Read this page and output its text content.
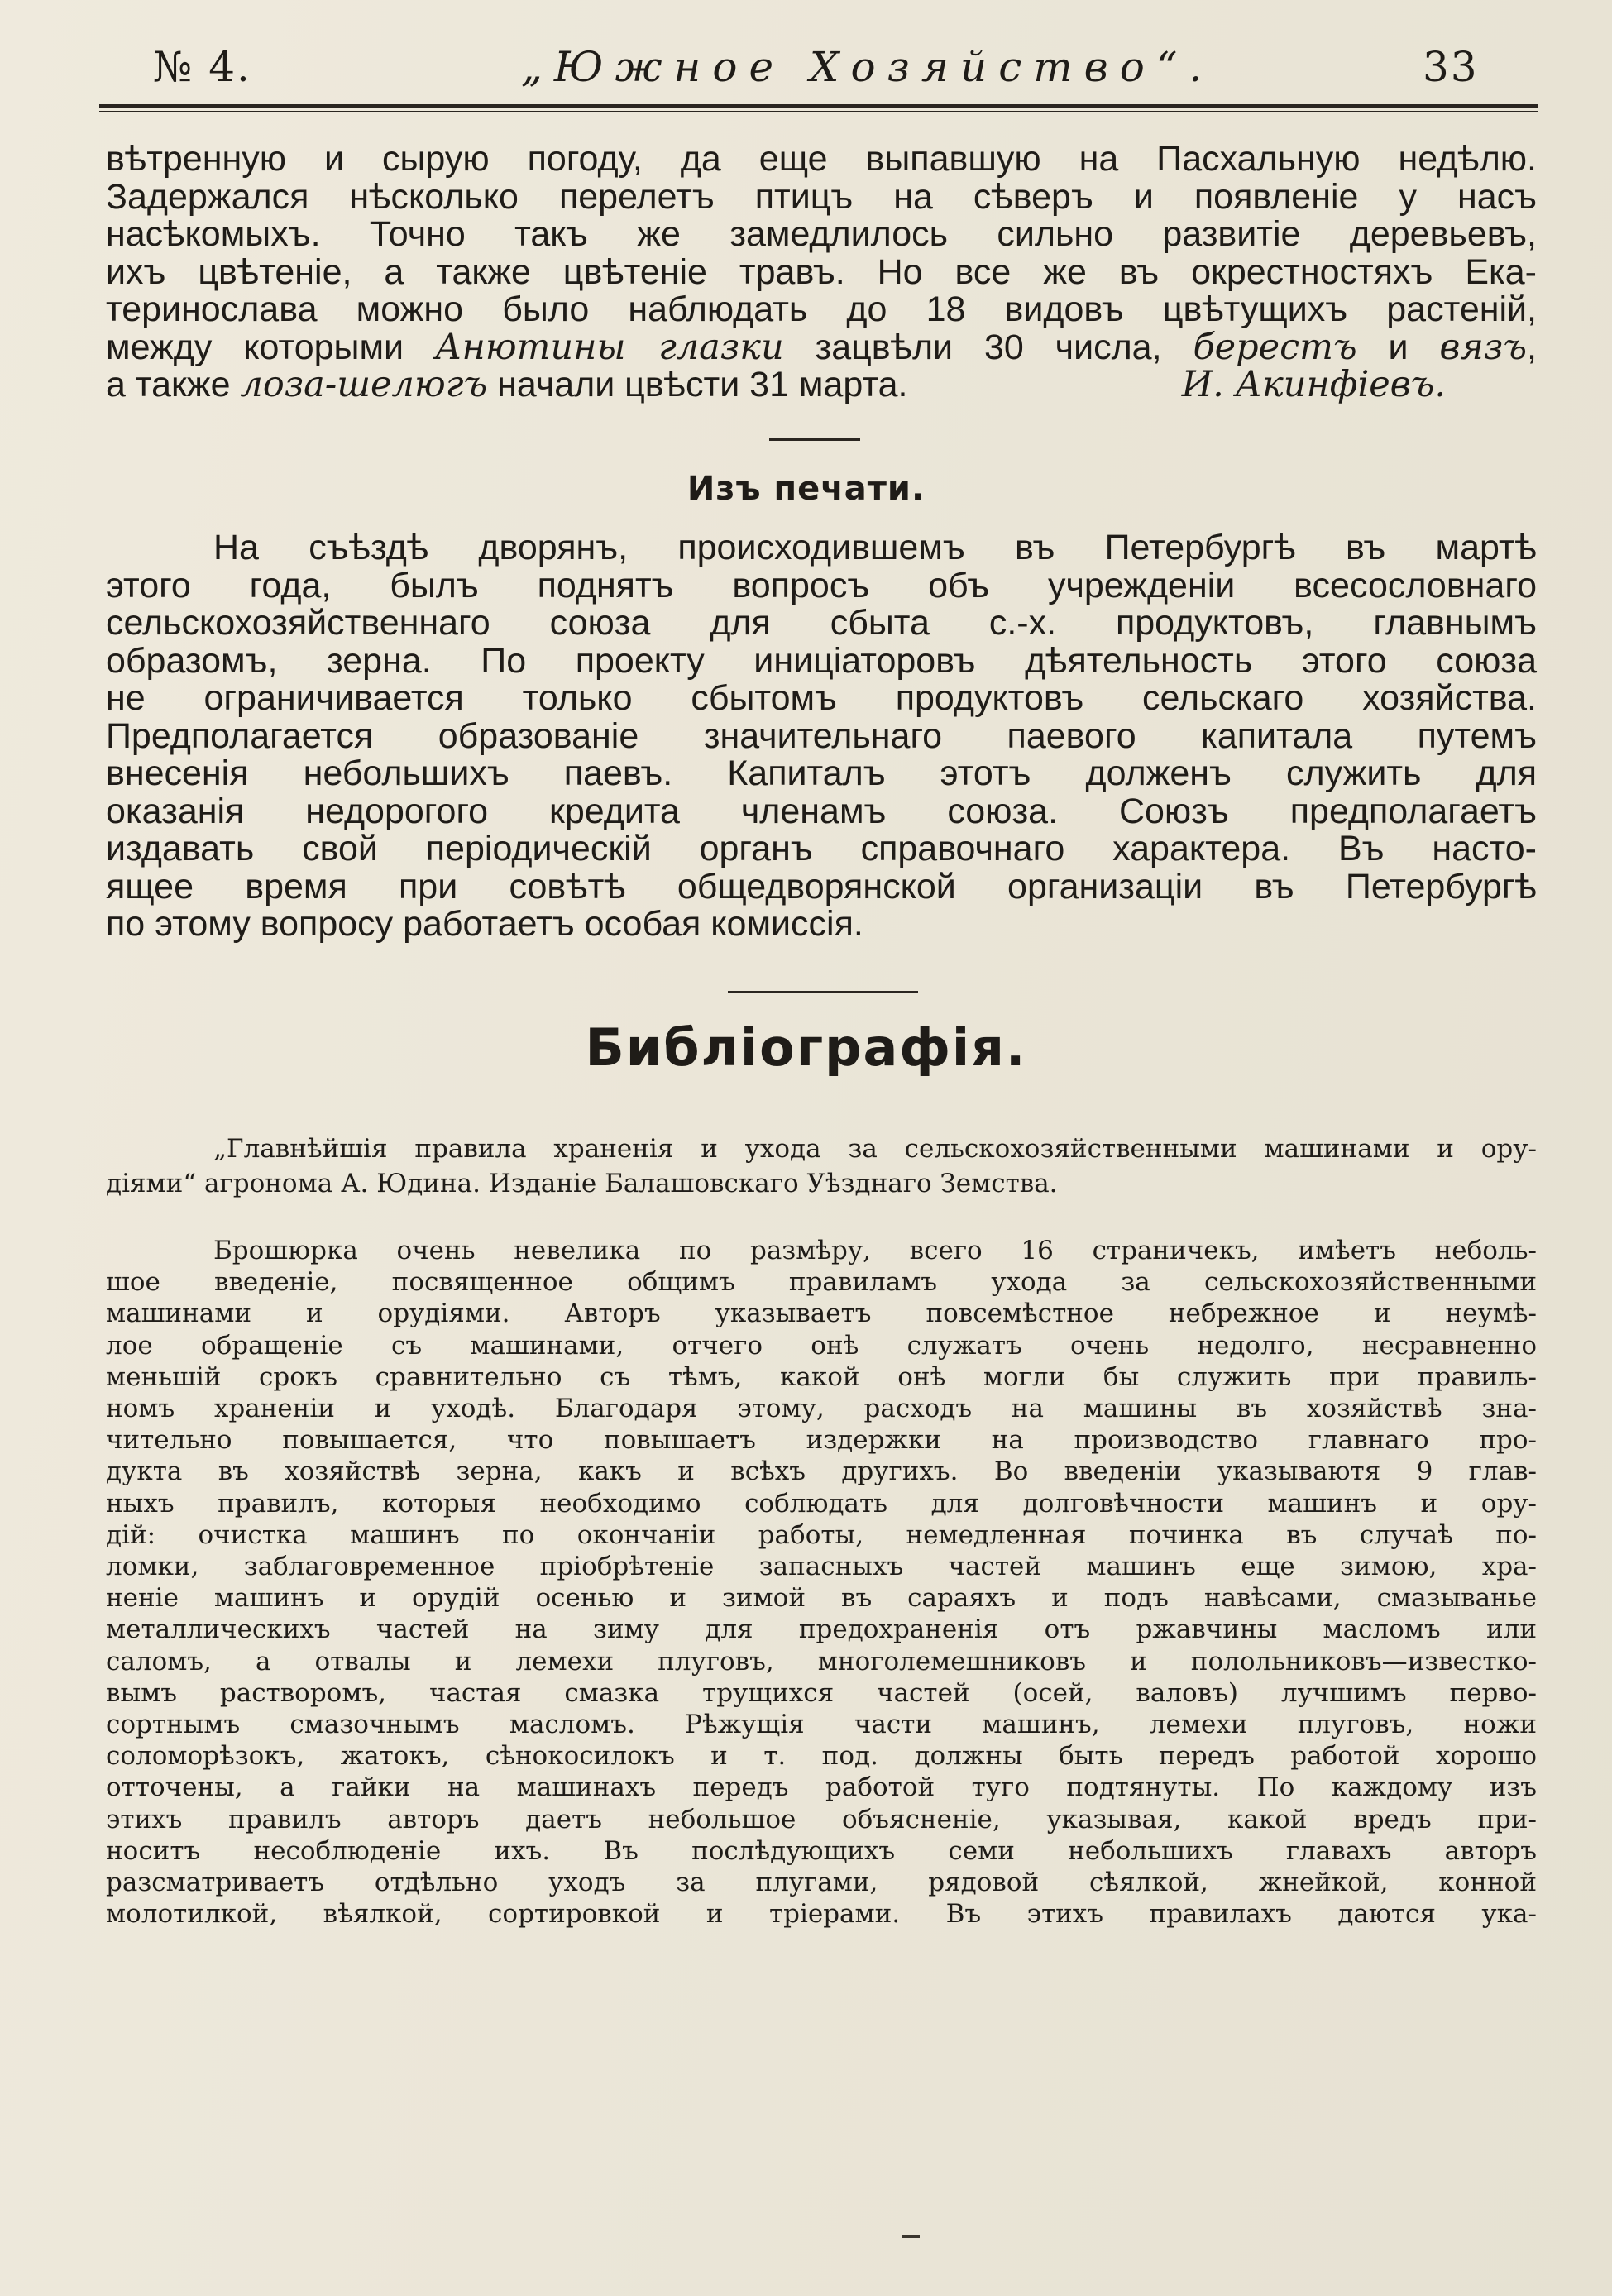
№ 4.	„Южное Хозяйство“.	33

вѣтренную и сырую погоду, да еще выпавшую на Пасхальную недѣлю.

Задержался нѣсколько перелетъ птицъ на сѣверъ и появленіе у насъ

насѣкомыхъ. Точно такъ же замедлилось сильно развитіе деревьевъ,

ихъ цвѣтеніе, а также цвѣтеніе травъ. Но все же въ окрестностяхъ Ека-

теринослава можно было наблюдать до 18 видовъ цвѣтущихъ растеній,

между которыми Анютины глазки зацвѣли 30 числа, берестъ и вязъ,

а также лоза-шелюгъ начали цвѣсти 31 марта.	И. Акинфіевъ.

Изъ печати.

На съѣздѣ дворянъ, происходившемъ въ Петербургѣ въ мартѣ

этого года, былъ поднятъ вопросъ объ учрежденіи всесословнаго

сельскохозяйственнаго союза для сбыта с.-х. продуктовъ, главнымъ

образомъ, зерна. По проекту иниціаторовъ дѣятельность этого союза

не ограничивается только сбытомъ продуктовъ сельскаго хозяйства.

Предполагается образованіе значительнаго паевого капитала путемъ

внесенія небольшихъ паевъ. Капиталъ этотъ долженъ служить для

оказанія недорогого кредита членамъ союза. Союзъ предполагаетъ

издавать свой періодическій органъ справочнаго характера. Въ насто-

ящее время при совѣтѣ общедворянской организаціи въ Петербургѣ

по этому вопросу работаетъ особая комиссія.

Библіографія.

„Главнѣйшія правила храненія и ухода за сельскохозяйственными машинами и ору-

діями“ агронома А. Юдина. Изданіе Балашовскаго Уѣзднаго Земства.

Брошюрка очень невелика по размѣру, всего 16 страничекъ, имѣетъ неболь-

шое введеніе, посвященное общимъ правиламъ ухода за сельскохозяйственными

машинами и орудіями. Авторъ указываетъ повсемѣстное небрежное и неумѣ-

лое обращеніе съ машинами, отчего онѣ служатъ очень недолго, несравненно

меньшій срокъ сравнительно съ тѣмъ, какой онѣ могли бы служить при правиль-

номъ храненіи и уходѣ. Благодаря этому, расходъ на машины въ хозяйствѣ зна-

чительно повышается, что повышаетъ издержки на производство главнаго про-

дукта въ хозяйствѣ зерна, какъ и всѣхъ другихъ. Во введеніи указываютя 9 глав-

ныхъ правилъ, которыя необходимо соблюдать для долговѣчности машинъ и ору-

дій: очистка машинъ по окончаніи работы, немедленная починка въ случаѣ по-

ломки, заблаговременное пріобрѣтеніе запасныхъ частей машинъ еще зимою, хра-

неніе машинъ и орудій осенью и зимой въ сараяхъ и подъ навѣсами, смазыванье

металлическихъ частей на зиму для предохраненія отъ ржавчины масломъ или

саломъ, а отвалы и лемехи плуговъ, многолемешниковъ и полольниковъ—известко-

вымъ растворомъ, частая смазка трущихся частей (осей, валовъ) лучшимъ перво-

сортнымъ смазочнымъ масломъ. Рѣжущія части машинъ, лемехи плуговъ, ножи

соломорѣзокъ, жатокъ, сѣнокосилокъ и т. под. должны быть передъ работой хорошо

отточены, а гайки на машинахъ передъ работой туго подтянуты. По каждому изъ

этихъ правилъ авторъ даетъ небольшое объясненіе, указывая, какой вредъ при-

носитъ несоблюденіе ихъ. Въ послѣдующихъ семи небольшихъ главахъ авторъ

разсматриваетъ отдѣльно уходъ за плугами, рядовой сѣялкой, жнейкой, конной

молотилкой, вѣялкой, сортировкой и тріерами. Въ этихъ правилахъ даются ука-
